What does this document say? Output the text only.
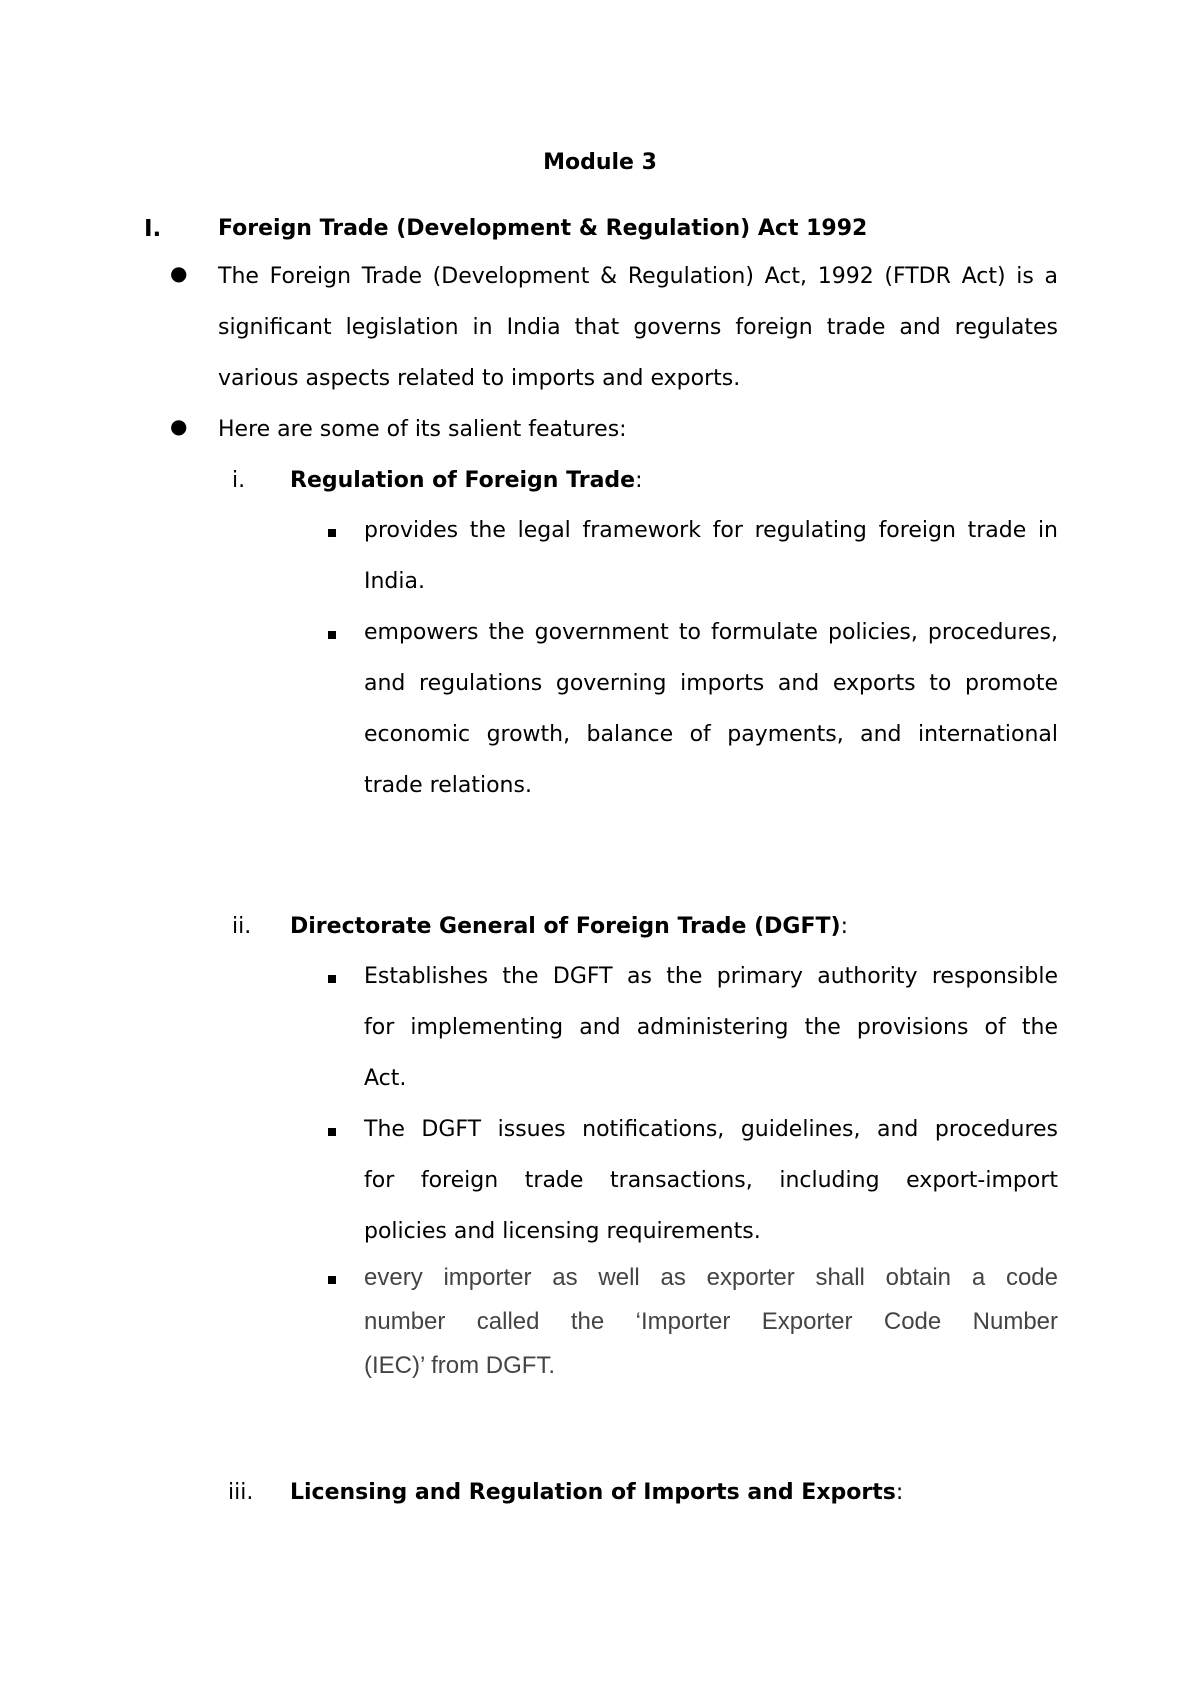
Module 3
I.	Foreign Trade (Development & Regulation) Act 1992
● The Foreign Trade (Development & Regulation) Act, 1992 (FTDR Act) is a
significant legislation in India that governs foreign trade and regulates
various aspects related to imports and exports.
● Here are some of its salient features:
i. Regulation of Foreign Trade:
provides the legal framework for regulating foreign trade in
India.
empowers the government to formulate policies, procedures,
and regulations governing imports and exports to promote
economic growth, balance of payments, and international
trade relations.
ii. Directorate General of Foreign Trade (DGFT):
Establishes the DGFT as the primary authority responsible
for implementing and administering the provisions of the
Act.
The DGFT issues notifications, guidelines, and procedures
for foreign trade transactions, including export-import
policies and licensing requirements.
every importer as well as exporter shall obtain a code
number called the ‘Importer Exporter Code Number
(IEC)’ from DGFT.
iii. Licensing and Regulation of Imports and Exports:
